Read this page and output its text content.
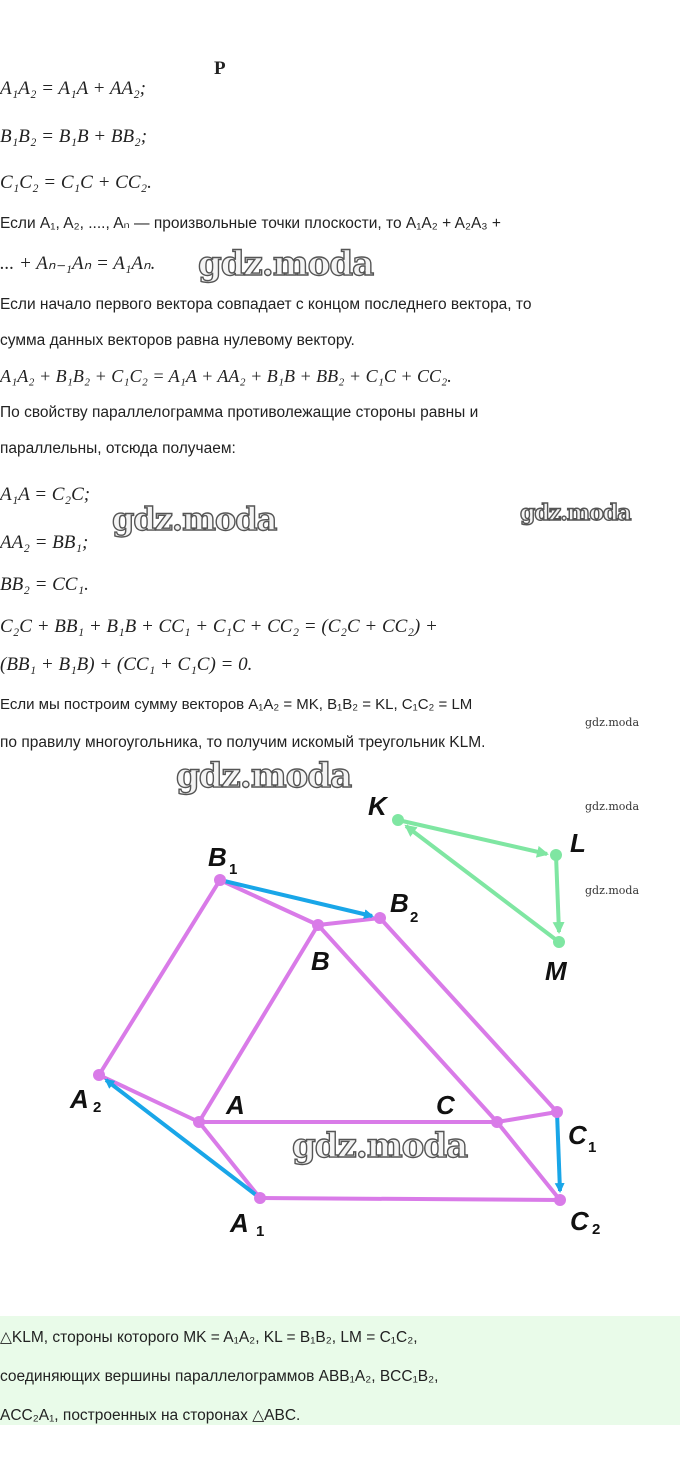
Р
A₁A₂ = A₁A + AA₂;
B₁B₂ = B₁B + BB₂;
C₁C₂ = C₁C + CC₂.
Если A₁, A₂, ...., Aₙ — произвольные точки плоскости, то A₁A₂ + A₂A₃ +
... + Aₙ₋₁Aₙ = A₁Aₙ.
Если начало первого вектора совпадает с концом последнего вектора, то
сумма данных векторов равна нулевому вектору.
A₁A₂ + B₁B₂ + C₁C₂ = A₁A + AA₂ + B₁B + BB₂ + C₁C + CC₂.
По свойству параллелограмма противолежащие стороны равны и
параллельны, отсюда получаем:
A₁A = C₂C;
AA₂ = BB₁;
BB₂ = CC₁.
C₂C + BB₁ + B₁B + CC₁ + C₁C + CC₂ = (C₂C + CC₂) +
(BB₁ + B₁B) + (CC₁ + C₁C) = 0.
Если мы построим сумму векторов A₁A₂ = MK, B₁B₂ = KL, C₁C₂ = LM
по правилу многоугольника, то получим искомый треугольник KLM.
gdz.moda
gdz.moda	gdz.moda
gdz.moda
gdz.moda
gdz.moda
gdz.moda
K
L
M
B 1
B 2
B
A 2	A	C
C 1
A 1	C 2
gdz.moda
△KLM, стороны которого MK = A₁A₂, KL = B₁B₂, LM = C₁C₂,
соединяющих вершины параллелограммов ABB₁A₂, BCC₁B₂,
ACC₂A₁, построенных на сторонах △ABC.
